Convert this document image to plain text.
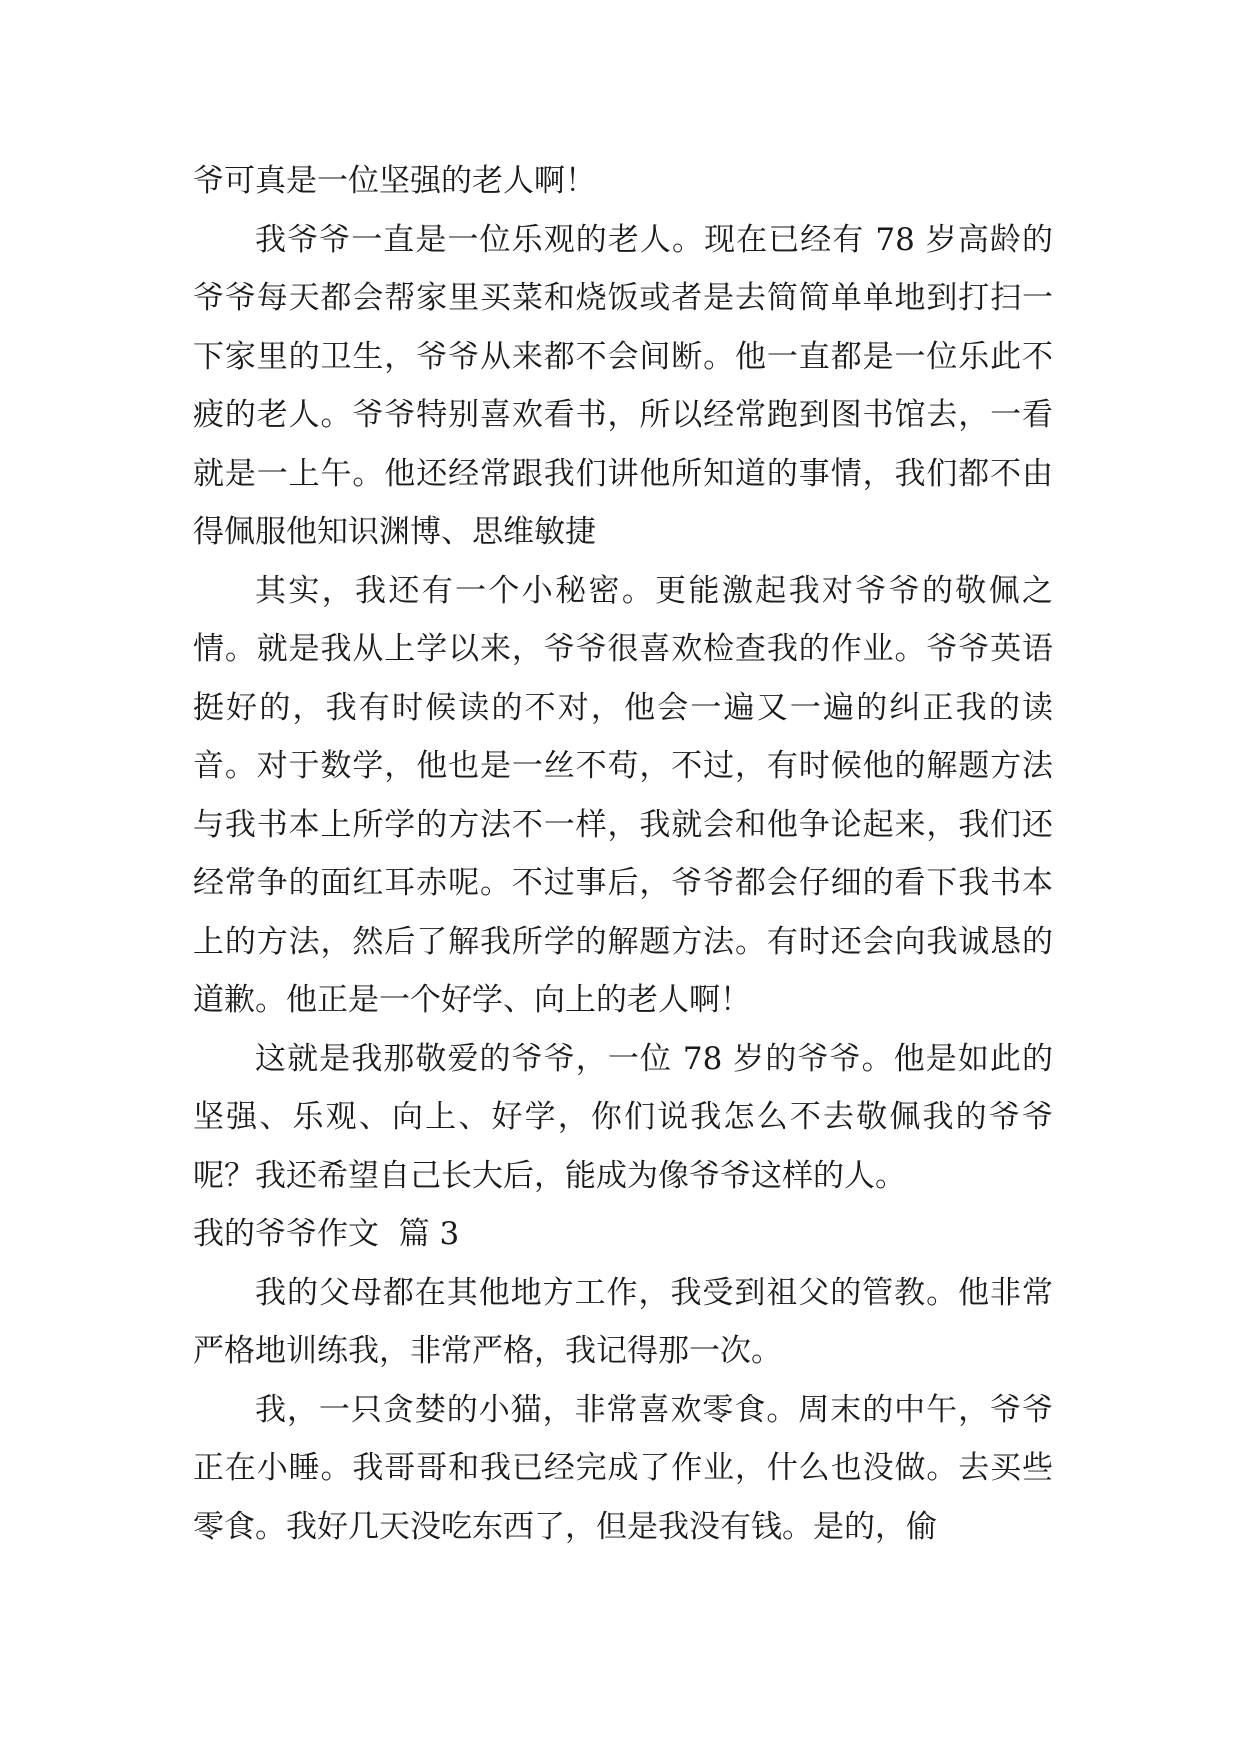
爷可真是一位坚强的老人啊！

我爷爷一直是一位乐观的老人。现在已经有 78 岁高龄的爷爷每天都会帮家里买菜和烧饭或者是去简简单单地到打扫一下家里的卫生，爷爷从来都不会间断。他一直都是一位乐此不疲的老人。爷爷特别喜欢看书，所以经常跑到图书馆去，一看就是一上午。他还经常跟我们讲他所知道的事情，我们都不由得佩服他知识渊博、思维敏捷

其实，我还有一个小秘密。更能激起我对爷爷的敬佩之情。就是我从上学以来，爷爷很喜欢检查我的作业。爷爷英语挺好的，我有时候读的不对，他会一遍又一遍的纠正我的读音。对于数学，他也是一丝不苟，不过，有时候他的解题方法与我书本上所学的方法不一样，我就会和他争论起来，我们还经常争的面红耳赤呢。不过事后，爷爷都会仔细的看下我书本上的方法，然后了解我所学的解题方法。有时还会向我诚恳的道歉。他正是一个好学、向上的老人啊！

这就是我那敬爱的爷爷，一位 78 岁的爷爷。他是如此的坚强、乐观、向上、好学，你们说我怎么不去敬佩我的爷爷呢？我还希望自己长大后，能成为像爷爷这样的人。

我的爷爷作文  篇 3

我的父母都在其他地方工作，我受到祖父的管教。他非常严格地训练我，非常严格，我记得那一次。

我，一只贪婪的小猫，非常喜欢零食。周末的中午，爷爷正在小睡。我哥哥和我已经完成了作业，什么也没做。去买些零食。我好几天没吃东西了，但是我没有钱。是的，偷
